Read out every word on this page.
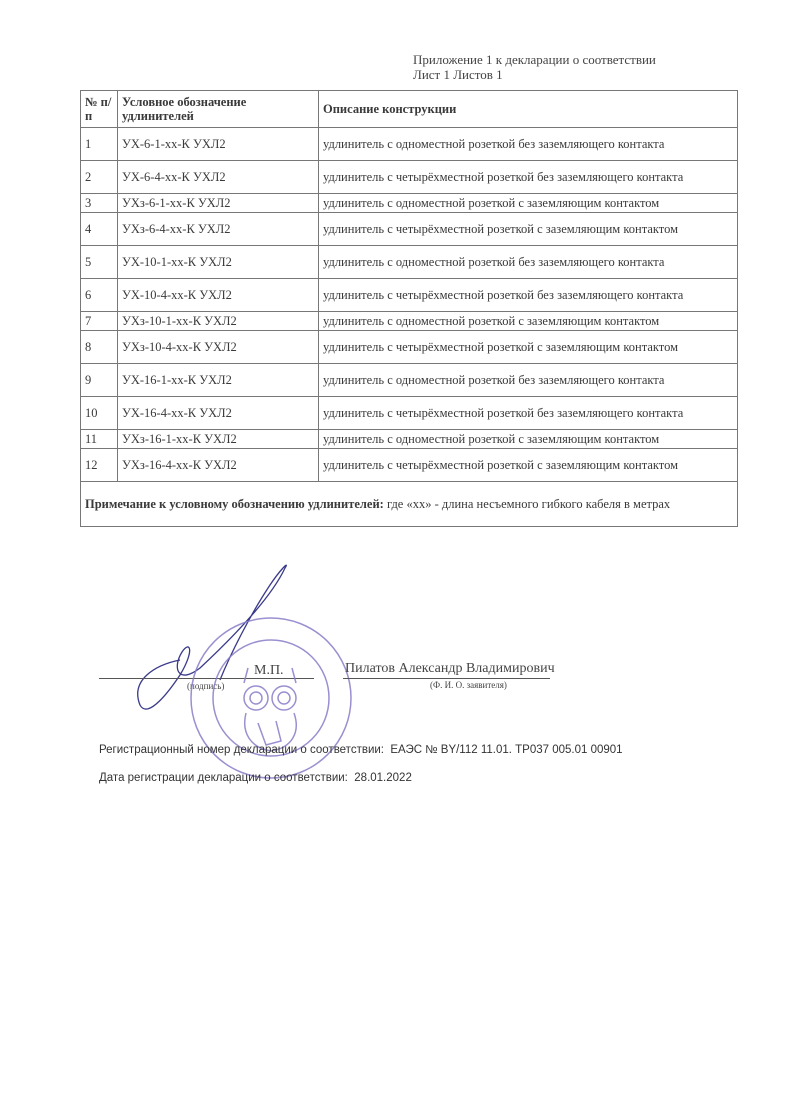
Приложение 1 к декларации о соответствии
Лист 1 Листов 1
№ п/п	Условное обозначение удлинителей	Описание конструкции
1	УХ-6-1-хх-К УХЛ2	удлинитель с одноместной розеткой без заземляющего контакта
2	УХ-6-4-хх-К УХЛ2	удлинитель с четырёхместной розеткой без заземляющего контакта
3	УХз-6-1-хх-К УХЛ2	удлинитель с одноместной розеткой с заземляющим контактом
4	УХз-6-4-хх-К УХЛ2	удлинитель с четырёхместной розеткой с заземляющим контактом
5	УХ-10-1-хх-К УХЛ2	удлинитель с одноместной розеткой без заземляющего контакта
6	УХ-10-4-хх-К УХЛ2	удлинитель с четырёхместной розеткой без заземляющего контакта
7	УХз-10-1-хх-К УХЛ2	удлинитель с одноместной розеткой с заземляющим контактом
8	УХз-10-4-хх-К УХЛ2	удлинитель с четырёхместной розеткой с заземляющим контактом
9	УХ-16-1-хх-К УХЛ2	удлинитель с одноместной розеткой без заземляющего контакта
10	УХ-16-4-хх-К УХЛ2	удлинитель с четырёхместной розеткой без заземляющего контакта
11	УХз-16-1-хх-К УХЛ2	удлинитель с одноместной розеткой с заземляющим контактом
12	УХз-16-4-хх-К УХЛ2	удлинитель с четырёхместной розеткой с заземляющим контактом
Примечание к условному обозначению удлинителей: где «хх» - длина несъемного гибкого кабеля в метрах		
(подпись)
М.П.	Пилатов Александр Владимирович
(Ф. И. О. заявителя)
Регистрационный номер декларации о соответствии: ЕАЭС № BY/112 11.01. ТР037 005.01 00901
Дата регистрации декларации о соответствии: 28.01.2022
